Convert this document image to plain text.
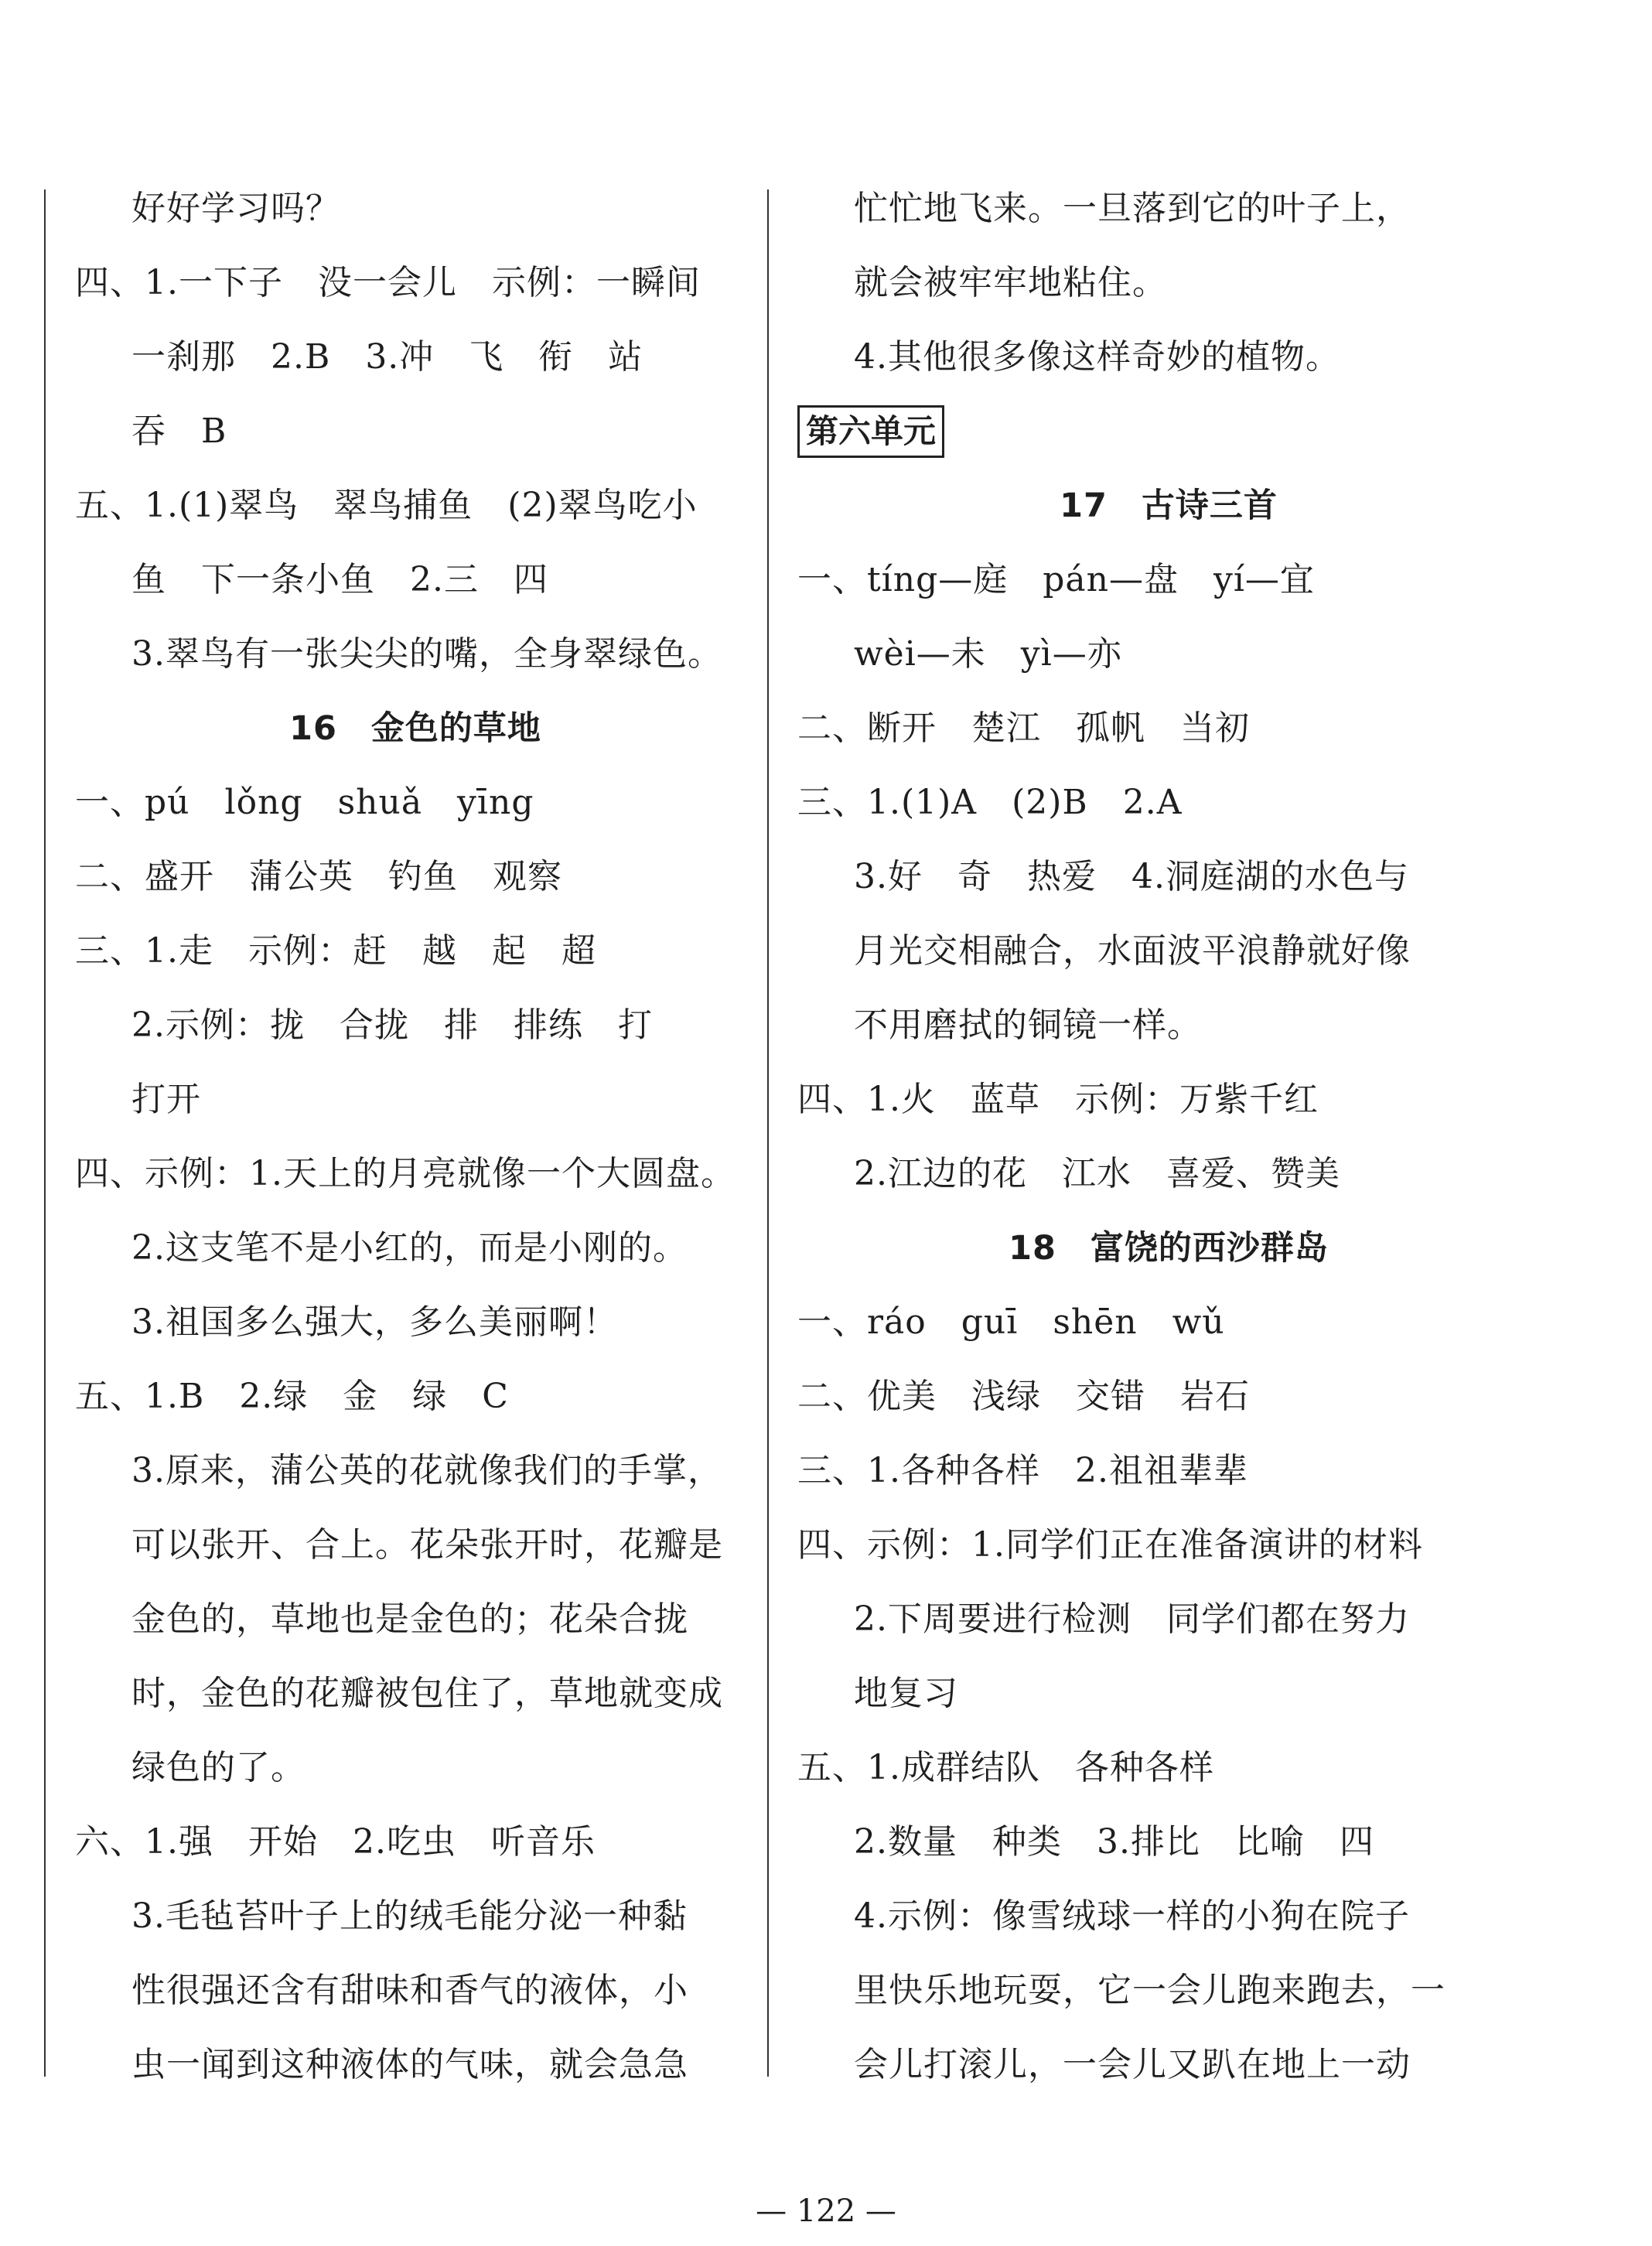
好好学习吗？
四、1.一下子　没一会儿　示例：一瞬间
一刹那　2.B　3.冲　飞　衔　站
吞　B
五、1.(1)翠鸟　翠鸟捕鱼　(2)翠鸟吃小
鱼　下一条小鱼　2.三　四
3.翠鸟有一张尖尖的嘴，全身翠绿色。
16　金色的草地
一、pú　lǒng　shuǎ　yīng
二、盛开　蒲公英　钓鱼　观察
三、1.走　示例：赶　越　起　超
2.示例：拢　合拢　排　排练　打
打开
四、示例：1.天上的月亮就像一个大圆盘。
2.这支笔不是小红的，而是小刚的。
3.祖国多么强大，多么美丽啊！
五、1.B　2.绿　金　绿　C
3.原来，蒲公英的花就像我们的手掌，
可以张开、合上。花朵张开时，花瓣是
金色的，草地也是金色的；花朵合拢
时，金色的花瓣被包住了，草地就变成
绿色的了。
六、1.强　开始　2.吃虫　听音乐
3.毛毡苔叶子上的绒毛能分泌一种黏
性很强还含有甜味和香气的液体，小
虫一闻到这种液体的气味，就会急急
忙忙地飞来。一旦落到它的叶子上，
就会被牢牢地粘住。
4.其他很多像这样奇妙的植物。
第六单元
17　古诗三首
一、tíng—庭　pán—盘　yí—宜
wèi—未　yì—亦
二、断开　楚江　孤帆　当初
三、1.(1)A　(2)B　2.A
3.好　奇　热爱　4.洞庭湖的水色与
月光交相融合，水面波平浪静就好像
不用磨拭的铜镜一样。
四、1.火　蓝草　示例：万紫千红
2.江边的花　江水　喜爱、赞美
18　富饶的西沙群岛
一、ráo　guī　shēn　wǔ
二、优美　浅绿　交错　岩石
三、1.各种各样　2.祖祖辈辈
四、示例：1.同学们正在准备演讲的材料
2.下周要进行检测　同学们都在努力
地复习
五、1.成群结队　各种各样
2.数量　种类　3.排比　比喻　四
4.示例：像雪绒球一样的小狗在院子
里快乐地玩耍，它一会儿跑来跑去，一
会儿打滚儿，一会儿又趴在地上一动
— 122 —
